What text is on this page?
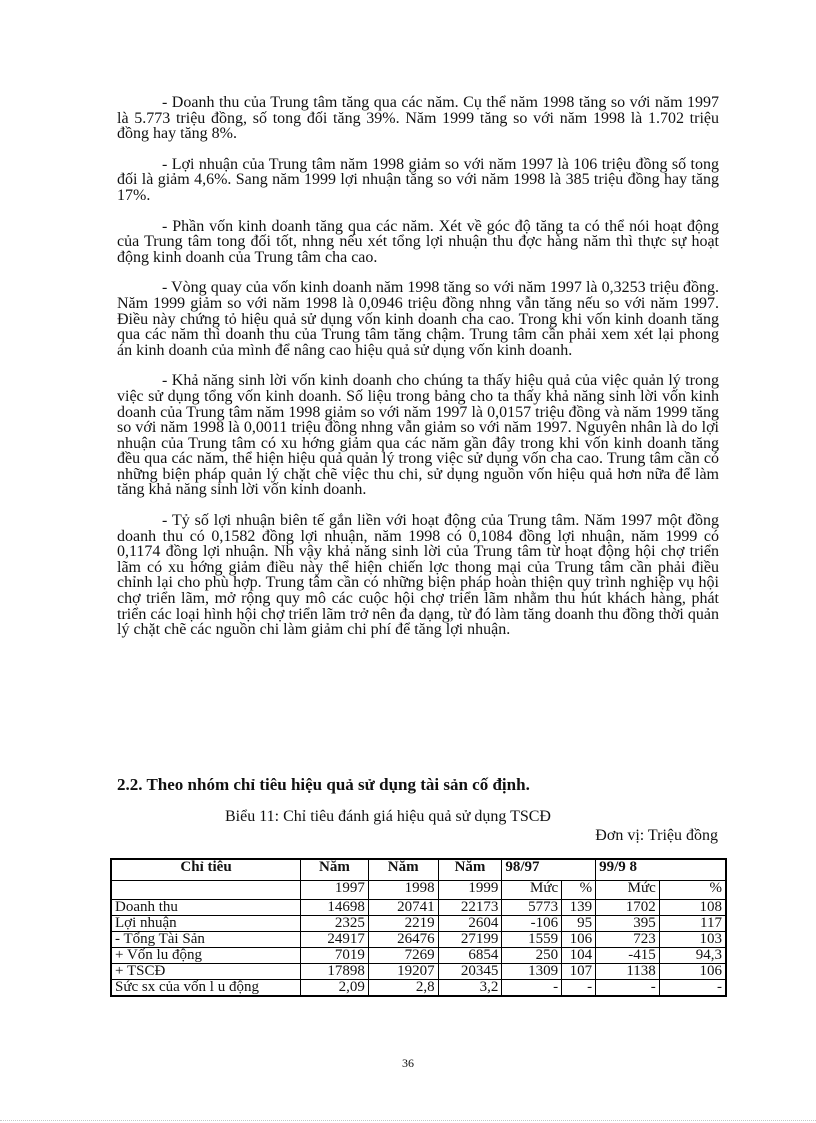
- Doanh thu của Trung tâm tăng qua các năm. Cụ thể năm 1998 tăng so với năm 1997 là 5.773 triệu đồng, số tong đối tăng 39%. Năm 1999 tăng so với năm 1998 là 1.702 triệu đồng hay tăng 8%.

- Lợi nhuận của Trung tâm năm 1998 giảm so với năm 1997 là 106 triệu đồng số tong đối là giảm 4,6%. Sang năm 1999 lợi nhuận tăng so với năm 1998 là 385 triệu đồng hay tăng 17%.

- Phần vốn kinh doanh tăng qua các năm. Xét về góc độ tăng ta có thể nói hoạt động của Trung tâm tong đối tốt, nhng nếu xét tổng lợi nhuận thu đợc hàng năm thì thực sự hoạt động kinh doanh của Trung tâm cha cao.

- Vòng quay của vốn kinh doanh năm 1998 tăng so với năm 1997 là 0,3253 triệu đồng. Năm 1999 giảm so với năm 1998 là 0,0946 triệu đồng nhng vẫn tăng nếu so với năm 1997. Điều này chứng tỏ hiệu quả sử dụng vốn kinh doanh cha cao. Trong khi vốn kinh doanh tăng qua các năm thì doanh thu của Trung tâm tăng chậm. Trung tâm cần phải xem xét lại phong án kinh doanh của mình để nâng cao hiệu quả sử dụng vốn kinh doanh.

- Khả năng sinh lời vốn kinh doanh cho chúng ta thấy hiệu quả của việc quản lý trong việc sử dụng tổng vốn kinh doanh. Số liệu trong bảng cho ta thấy khả năng sinh lời vốn kinh doanh của Trung tâm năm 1998 giảm so với năm 1997 là 0,0157 triệu đồng và năm 1999 tăng so với năm 1998 là 0,0011 triệu đồng nhng vẫn giảm so với năm 1997. Nguyên nhân là do lợi nhuận của Trung tâm có xu hớng giảm qua các năm gần đây trong khi vốn kinh doanh tăng đều qua các năm, thể hiện hiệu quả quản lý trong việc sử dụng vốn cha cao. Trung tâm cần có những biện pháp quản lý chặt chẽ việc thu chi, sử dụng nguồn vốn hiệu quả hơn nữa để làm tăng khả năng sinh lời vốn kinh doanh.

- Tỷ số lợi nhuận biên tế gắn liền với hoạt động của Trung tâm. Năm 1997 một đồng doanh thu có 0,1582 đồng lợi nhuận, năm 1998 có 0,1084 đồng lợi nhuận, năm 1999 có 0,1174 đồng lợi nhuận. Nh vậy khả năng sinh lời của Trung tâm từ hoạt động hội chợ triển lãm có xu hớng giảm điều này thể hiện chiến lợc thong mại của Trung tâm cần phải điều chỉnh lại cho phù hợp. Trung tâm cần có những biện pháp hoàn thiện quy trình nghiệp vụ hội chợ triển lãm, mở rộng quy mô các cuộc hội chợ triển lãm nhằm thu hút khách hàng, phát triển các loại hình hội chợ triển lãm trở nên đa dạng, từ đó làm tăng doanh thu đồng thời quản lý chặt chẽ các nguồn chi làm giảm chi phí để tăng lợi nhuận.

2.2. Theo nhóm chỉ tiêu hiệu quả sử dụng tài sản cố định.

Biểu 11: Chỉ tiêu đánh giá hiệu quả sử dụng TSCĐ

Đơn vị: Triệu đồng

Chỉ tiêu	Năm	Năm	Năm	98/97		99/9 8	
	1997	1998	1999	Mức	%	Mức	%
Doanh thu	14698	20741	22173	5773	139	1702	108
Lợi nhuận	2325	2219	2604	-106	95	395	117
- Tổng Tài Sản	24917	26476	27199	1559	106	723	103
+ Vốn lu động	7019	7269	6854	250	104	-415	94,3
+ TSCĐ	17898	19207	20345	1309	107	1138	106
Sức sx của vốn l u động	2,09	2,8	3,2	-	-	-	-

36
